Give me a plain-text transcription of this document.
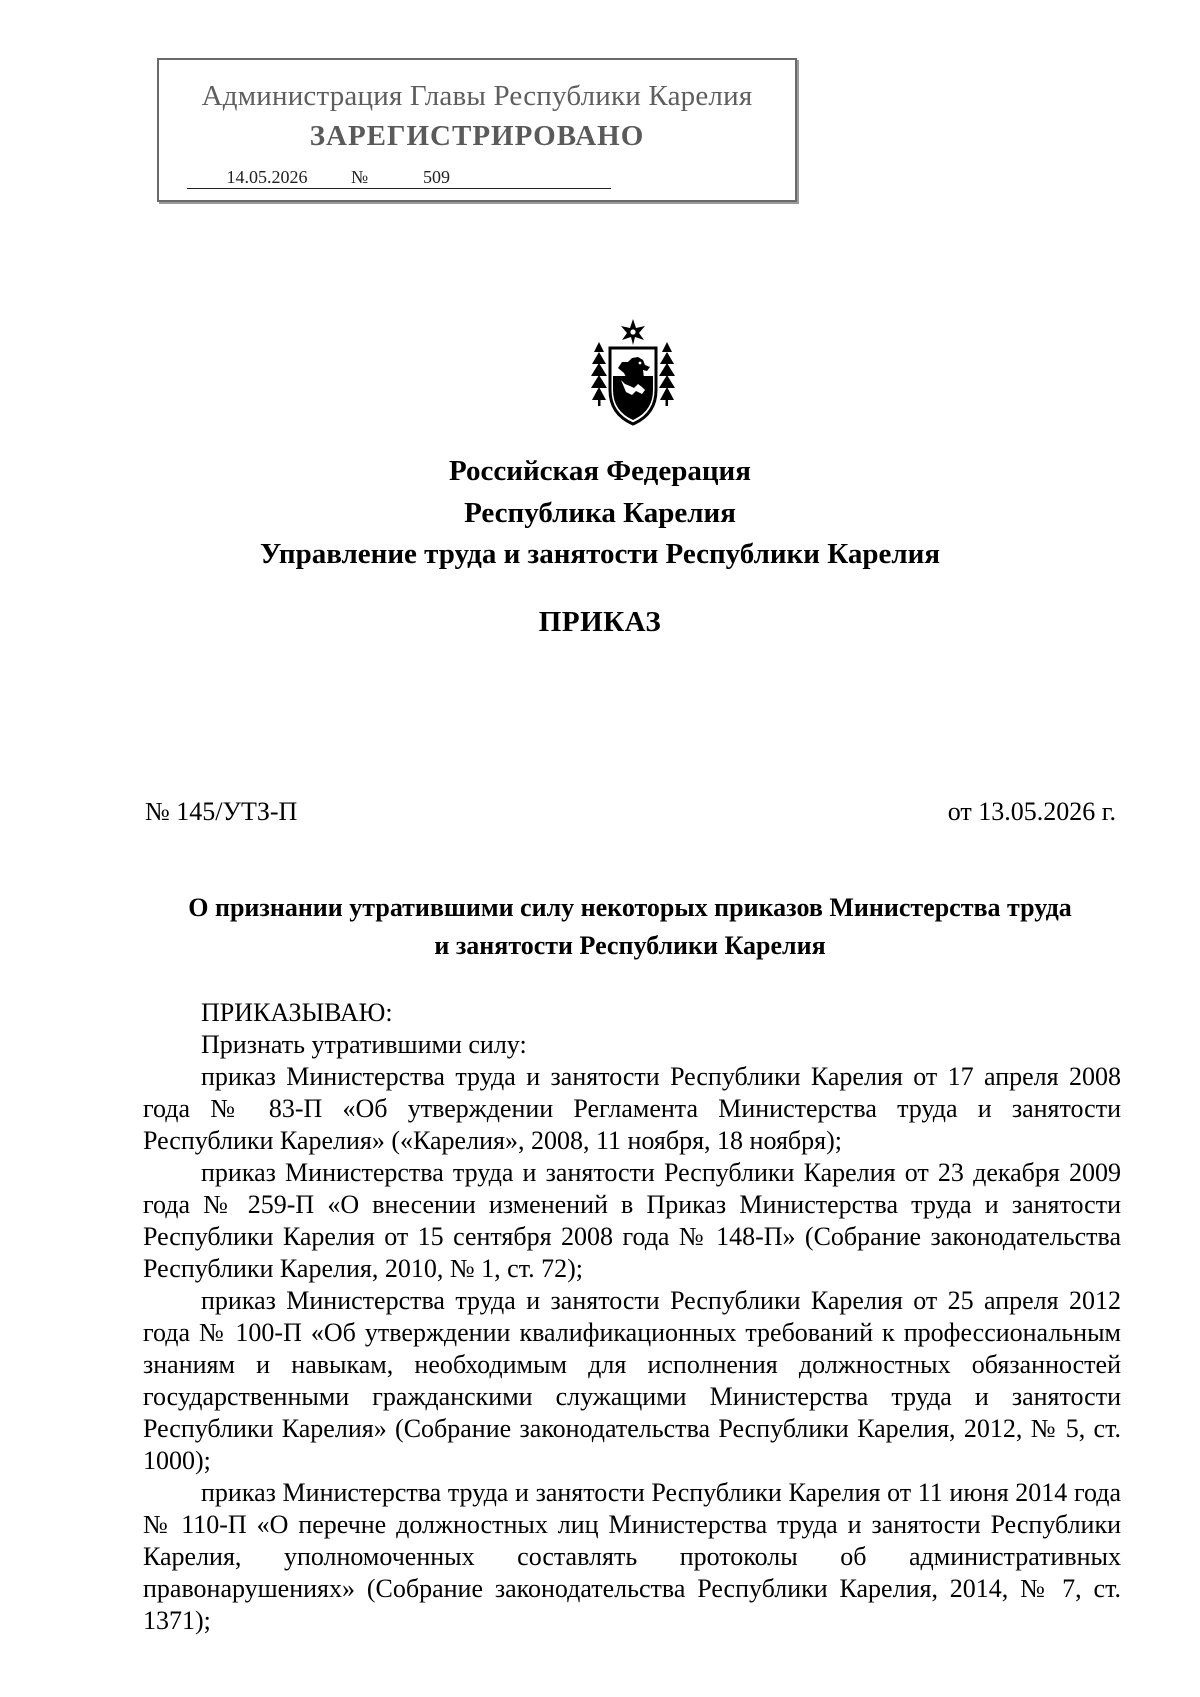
Администрация Главы Республики Карелия
ЗАРЕГИСТРИРОВАНО
14.05.2026 №	509
Российская Федерация
Республика Карелия
Управление труда и занятости Республики Карелия
ПРИКАЗ
№ 145/УТЗ-П	от 13.05.2026 г.
О признании утратившими силу некоторых приказов Министерства труда
и занятости Республики Карелия

ПРИКАЗЫВАЮ:

Признать утратившими силу:

приказ Министерства труда и занятости Республики Карелия от 17 апреля 2008 года № 83-П «Об утверждении Регламента Министерства труда и занятости Республики Карелия» («Карелия», 2008, 11 ноября, 18 ноября);

приказ Министерства труда и занятости Республики Карелия от 23 декабря 2009 года № 259-П «О внесении изменений в Приказ Министерства труда и занятости Республики Карелия от 15 сентября 2008 года № 148-П» (Собрание законодательства Республики Карелия, 2010, № 1, ст. 72);

приказ Министерства труда и занятости Республики Карелия от 25 апреля 2012 года № 100-П «Об утверждении квалификационных требований к профессиональным знаниям и навыкам, необходимым для исполнения должностных обязанностей государственными гражданскими служащими Министерства труда и занятости Республики Карелия» (Собрание законодательства Республики Карелия, 2012, № 5, ст. 1000);

приказ Министерства труда и занятости Республики Карелия от 11 июня 2014 года № 110-П «О перечне должностных лиц Министерства труда и занятости Республики Карелия, уполномоченных составлять протоколы об административных правонарушениях» (Собрание законодательства Республики Карелия, 2014, № 7, ст. 1371);
